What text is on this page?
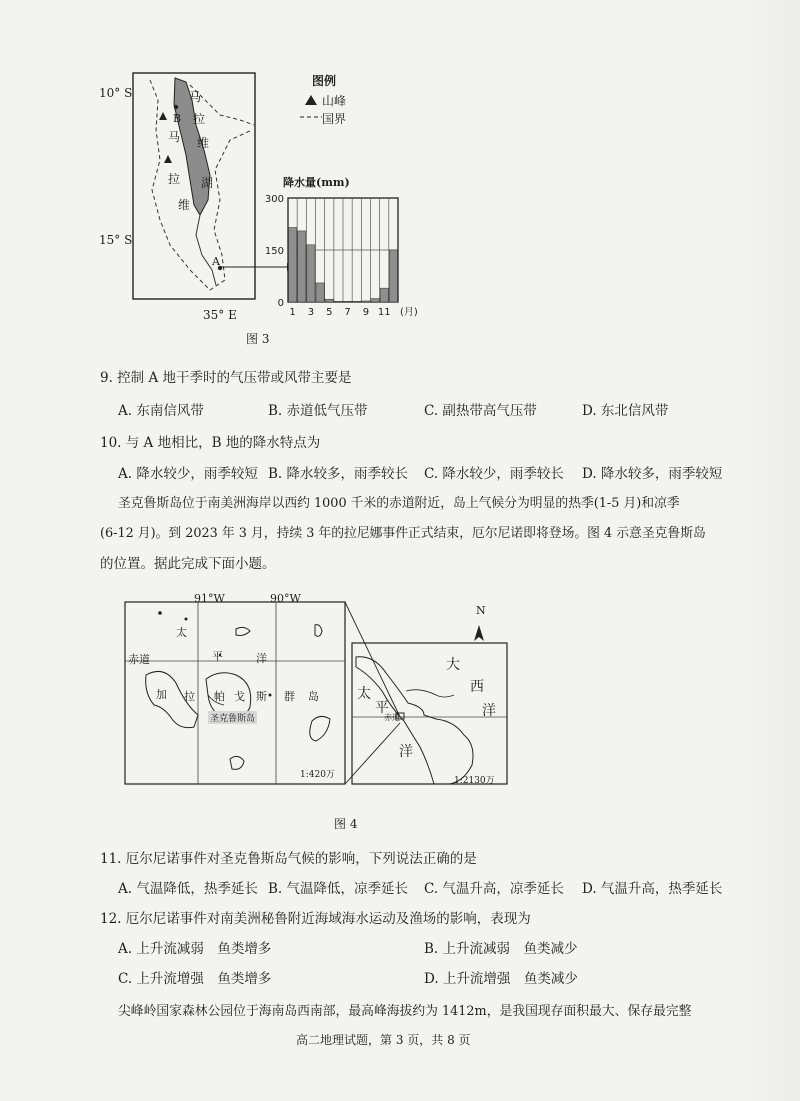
10° S
15° S
35° E
B
A
马
拉
维
湖
马
拉
维
图例
山峰
国界
降水量(mm)
300
150
0
1 3 5 7 9 11 (月)
图 3
9. 控制 A 地干季时的气压带或风带主要是
A. 东南信风带	B. 赤道低气压带	C. 副热带高气压带	D. 东北信风带
10. 与 A 地相比，B 地的降水特点为
A. 降水较少，雨季较短 B. 降水较多，雨季较长 C. 降水较少，雨季较长 D. 降水较多，雨季较短
圣克鲁斯岛位于南美洲海岸以西约 1000 千米的赤道附近，岛上气候分为明显的热季(1-5 月)和凉季
(6-12 月)。到 2023 年 3 月，持续 3 年的拉尼娜事件正式结束，厄尔尼诺即将登场。图 4 示意圣克鲁斯岛
的位置。据此完成下面小题。
91°W	90°W
赤道
太
平	洋
加 拉 帕 戈 斯 群 岛
圣克鲁斯岛
1:420万
N
太
平
洋
大
西
洋
赤道
1:2130万
图 4
11. 厄尔尼诺事件对圣克鲁斯岛气候的影响，下列说法正确的是
A. 气温降低，热季延长 B. 气温降低，凉季延长 C. 气温升高，凉季延长 D. 气温升高，热季延长
12. 厄尔尼诺事件对南美洲秘鲁附近海域海水运动及渔场的影响，表现为
A. 上升流减弱　鱼类增多	B. 上升流减弱　鱼类减少
C. 上升流增强　鱼类增多	D. 上升流增强　鱼类减少
尖峰岭国家森林公园位于海南岛西南部，最高峰海拔约为 1412m，是我国现存面积最大、保存最完整
高二地理试题，第 3 页，共 8 页
